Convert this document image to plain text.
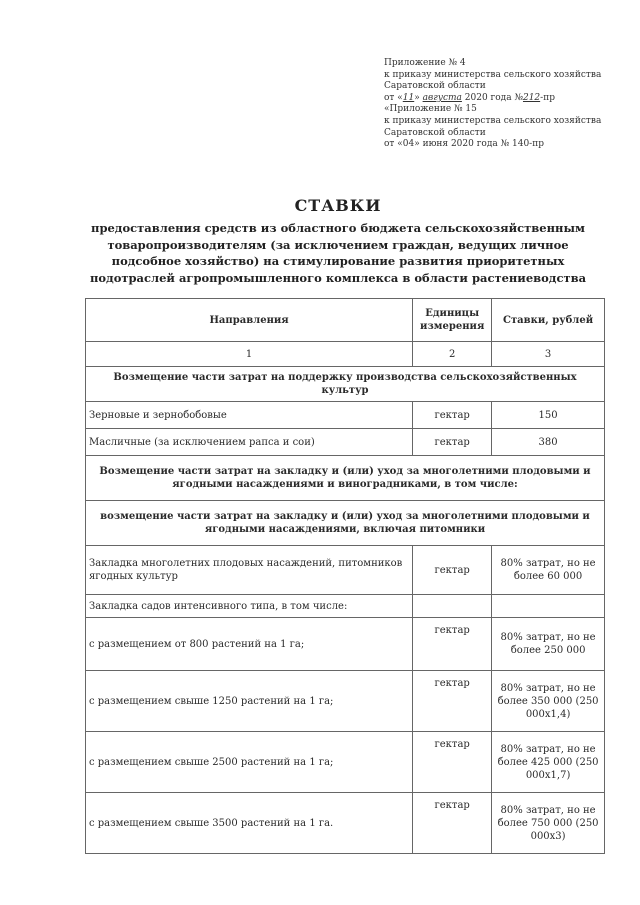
Приложение № 4
к приказу министерства сельского хозяйства
Саратовской области
от «11» августа 2020 года №212-пр
«Приложение № 15
к приказу министерства сельского хозяйства
Саратовской области
от «04» июня 2020 года № 140-пр
СТАВКИ
предоставления средств из областного бюджета сельскохозяйственным товаропроизводителям (за исключением граждан, ведущих личное подсобное хозяйство) на стимулирование развития приоритетных подотраслей агропромышленного комплекса в области растениеводства
Направления	Единицы измерения	Ставки, рублей
1	2	3
Возмещение части затрат на поддержку производства сельскохозяйственных культур		
Зерновые и зернобобовые	гектар	150
Масличные (за исключением рапса и сои)	гектар	380
Возмещение части затрат на закладку и (или) уход за многолетними плодовыми и ягодными насаждениями и виноградниками, в том числе:		
возмещение части затрат на закладку и (или) уход за многолетними плодовыми и ягодными насаждениями, включая питомники		
Закладка многолетних плодовых насаждений, питомников ягодных культур	гектар	80% затрат, но не более 60 000
Закладка садов интенсивного типа, в том числе:		
с размещением от 800 растений на 1 га;	гектар	80% затрат, но не более 250 000
с размещением свыше 1250 растений на 1 га;	гектар	80% затрат, но не более 350 000 (250 000х1,4)
с размещением свыше 2500 растений на 1 га;	гектар	80% затрат, но не более 425 000 (250 000х1,7)
с размещением свыше 3500 растений на 1 га.	гектар	80% затрат, но не более 750 000 (250 000х3)
